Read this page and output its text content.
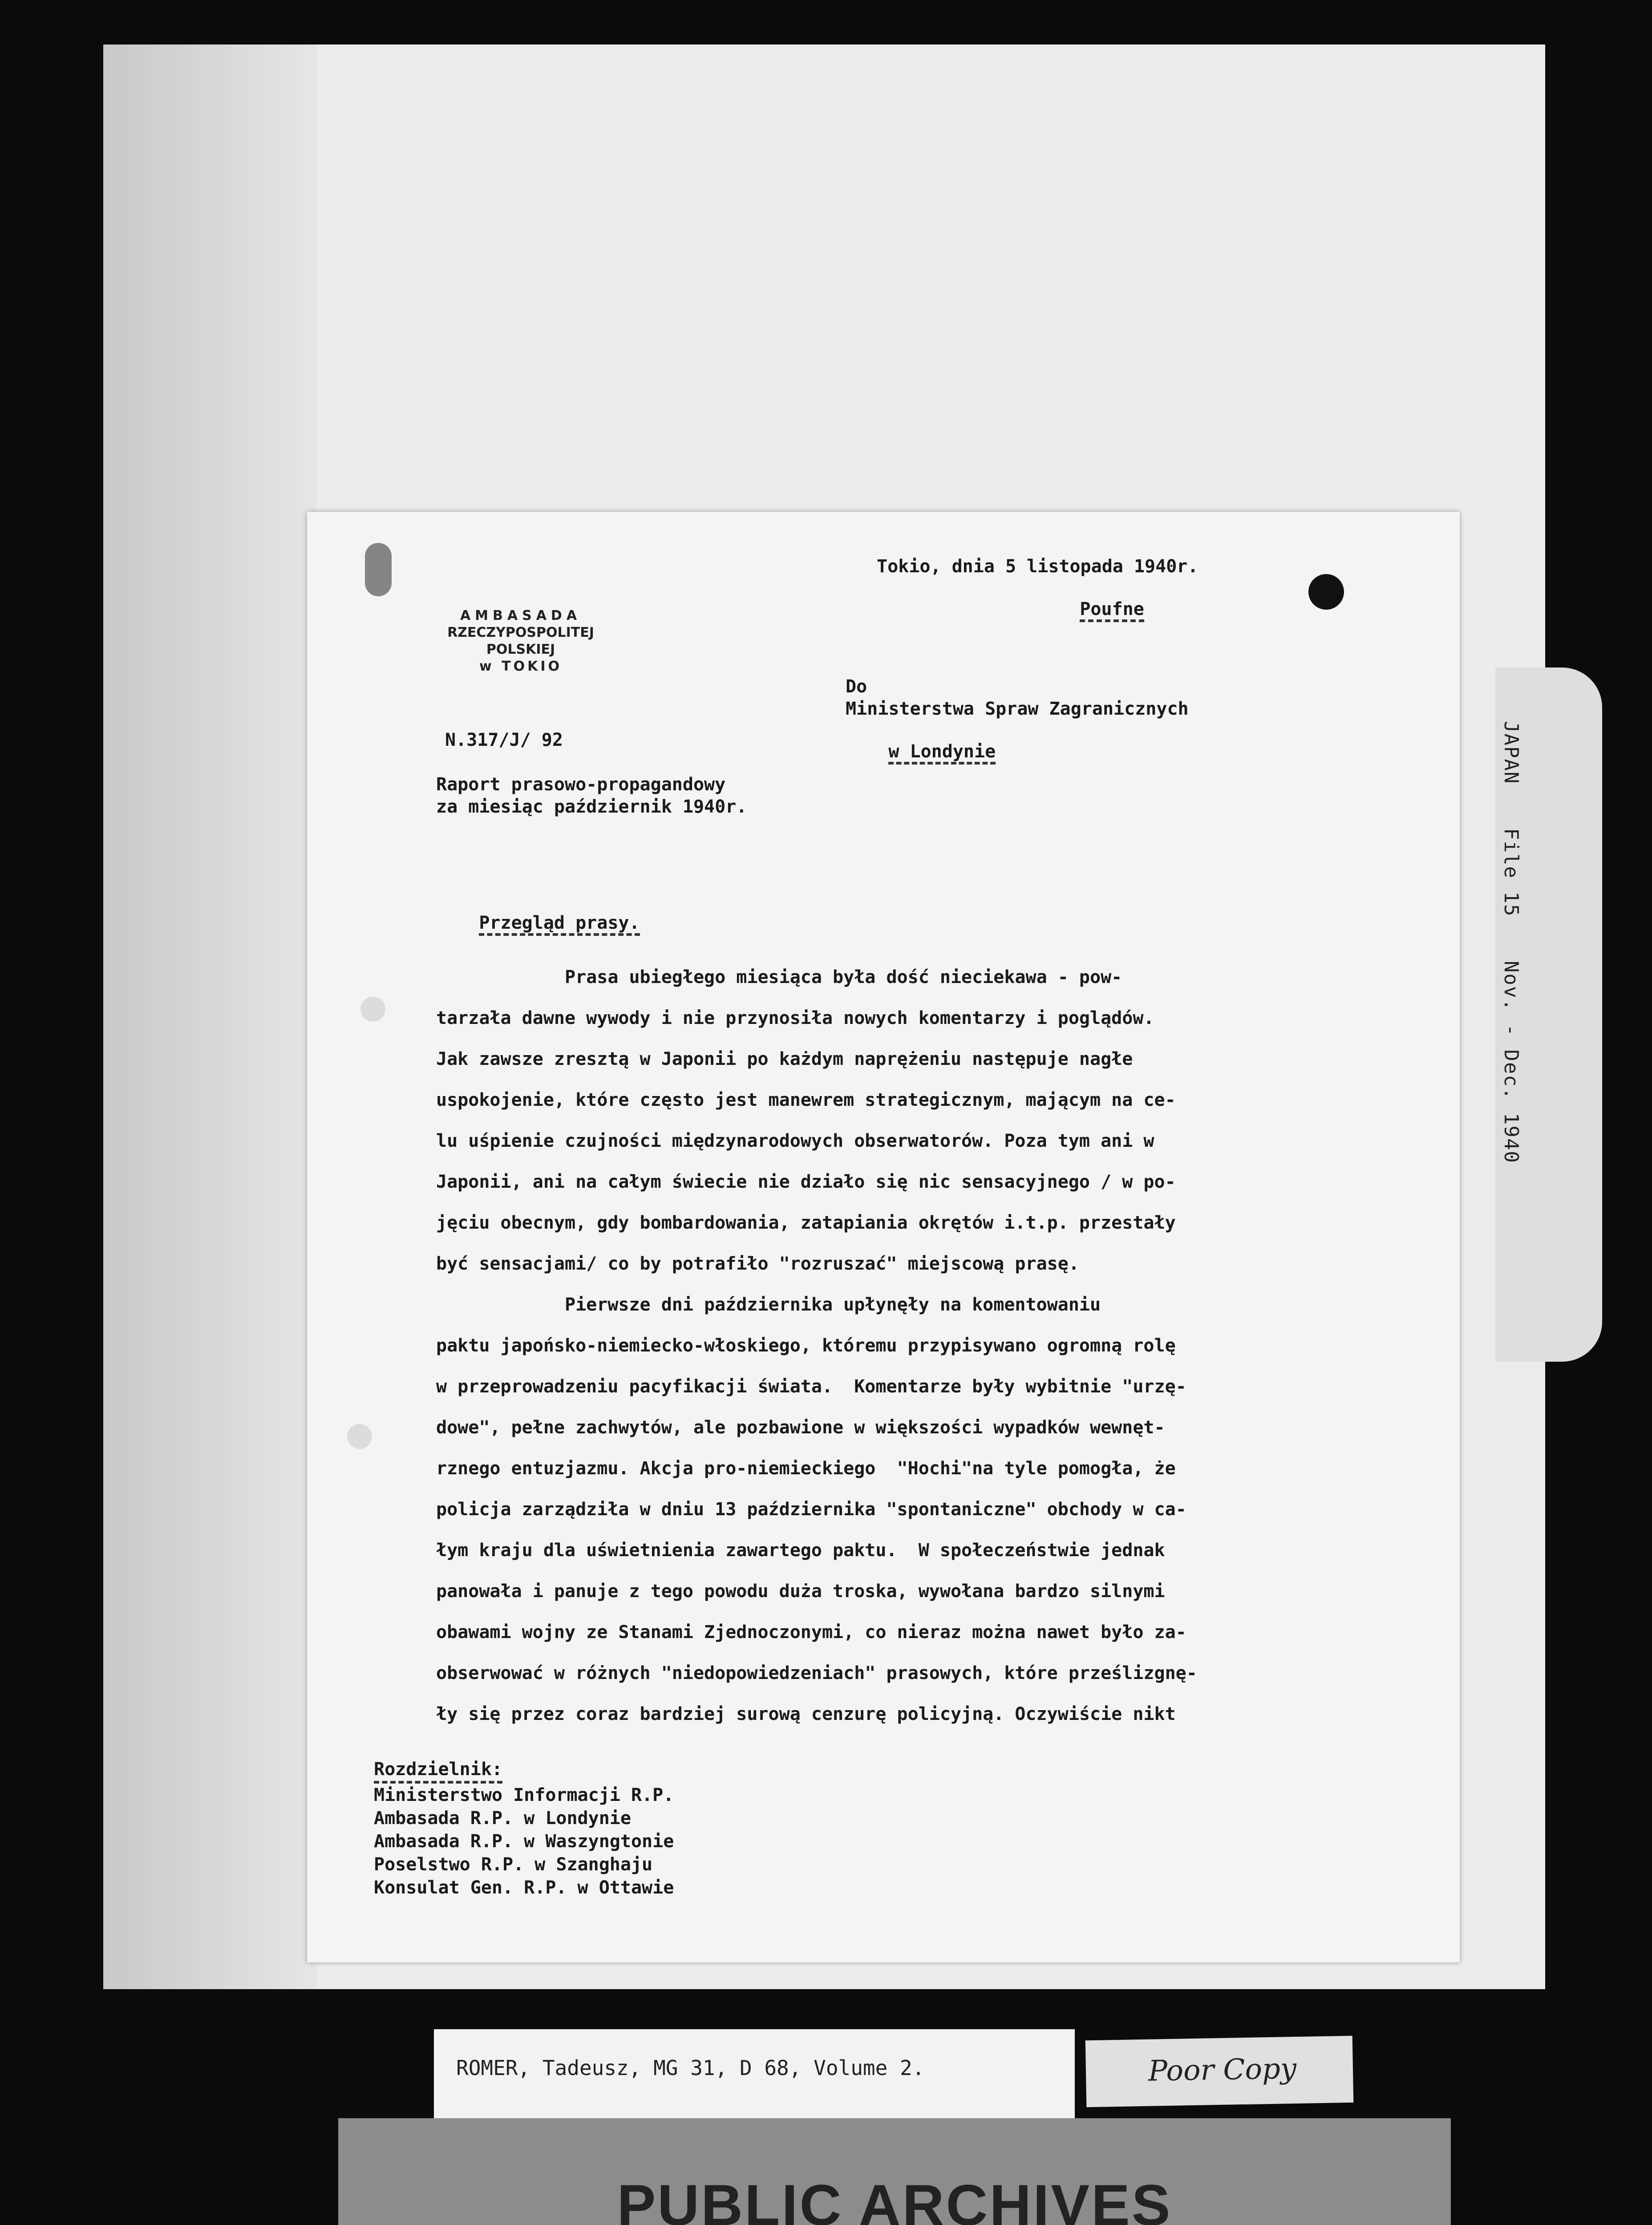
JAPAN File 15 Nov. - Dec. 1940
Tokio, dnia 5 listopada 1940r.

Poufne

AMBASADA
RZECZYPOSPOLITEJ POLSKIEJ
w TOKIO
Do
Ministerstwa Spraw Zagranicznych

w Londynie

N.317/J/ 92
Raport prasowo-propagandowy
za miesiąc październik 1940r.

Przegląd prasy.

Prasa ubiegłego miesiąca była dość nieciekawa - pow-
tarzała dawne wywody i nie przynosiła nowych komentarzy i poglądów.
Jak zawsze zresztą w Japonii po każdym naprężeniu następuje nagłe
uspokojenie, które często jest manewrem strategicznym, mającym na ce-
lu uśpienie czujności międzynarodowych obserwatorów. Poza tym ani w
Japonii, ani na całym świecie nie działo się nic sensacyjnego / w po-
jęciu obecnym, gdy bombardowania, zatapiania okrętów i.t.p. przestały
być sensacjami/ co by potrafiło "rozruszać" miejscową prasę.
Pierwsze dni października upłynęły na komentowaniu
paktu japońsko-niemiecko-włoskiego, któremu przypisywano ogromną rolę
w przeprowadzeniu pacyfikacji świata.  Komentarze były wybitnie "urzę-
dowe", pełne zachwytów, ale pozbawione w większości wypadków wewnęt-
rznego entuzjazmu. Akcja pro-niemieckiego  "Hochi"na tyle pomogła, że
policja zarządziła w dniu 13 października "spontaniczne" obchody w ca-
łym kraju dla uświetnienia zawartego paktu.  W społeczeństwie jednak
panowała i panuje z tego powodu duża troska, wywołana bardzo silnymi
obawami wojny ze Stanami Zjednoczonymi, co nieraz można nawet było za-
obserwować w różnych "niedopowiedzeniach" prasowych, które prześlizgnę-
ły się przez coraz bardziej surową cenzurę policyjną. Oczywiście nikt
Rozdzielnik:
Ministerstwo Informacji R.P.
Ambasada R.P. w Londynie
Ambasada R.P. w Waszyngtonie
Poselstwo R.P. w Szanghaju
Konsulat Gen. R.P. w Ottawie
ROMER, Tadeusz, MG 31, D 68, Volume 2.	Poor Copy
PUBLIC ARCHIVES
